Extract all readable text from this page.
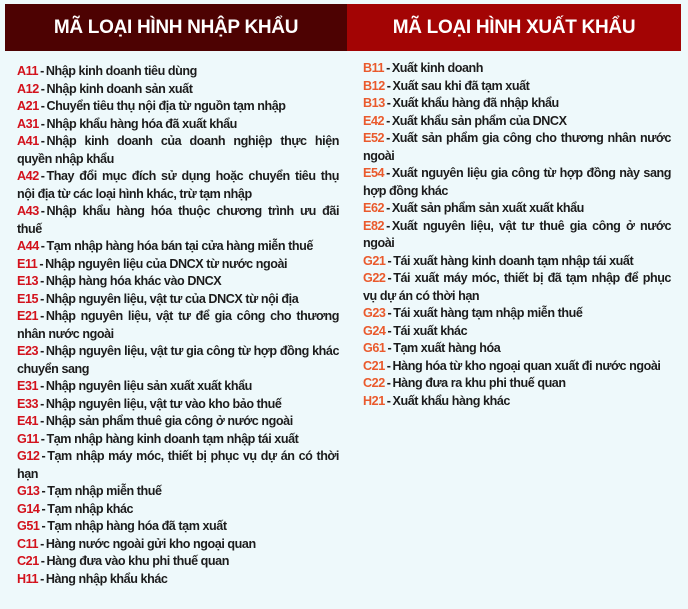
MÃ LOẠI HÌNH NHẬP KHẨU	MÃ LOẠI HÌNH XUẤT KHẨU

A11 - Nhập kinh doanh tiêu dùng

A12 - Nhập kinh doanh sản xuất

A21 - Chuyển tiêu thụ nội địa từ nguồn tạm nhập

A31 - Nhập khẩu hàng hóa đã xuất khẩu

A41 - Nhập kinh doanh của doanh nghiệp thực hiện quyền nhập khẩu

A42 - Thay đổi mục đích sử dụng hoặc chuyển tiêu thụ nội địa từ các loại hình khác, trừ tạm nhập

A43 - Nhập khẩu hàng hóa thuộc chương trình ưu đãi thuế

A44 - Tạm nhập hàng hóa bán tại cửa hàng miễn thuế

E11 - Nhập nguyên liệu của DNCX từ nước ngoài

E13 - Nhập hàng hóa khác vào DNCX

E15 - Nhập nguyên liệu, vật tư của DNCX từ nội địa

E21 - Nhập nguyên liệu, vật tư để gia công cho thương nhân nước ngoài

E23 - Nhập nguyên liệu, vật tư gia công từ hợp đồng khác chuyển sang

E31 - Nhập nguyên liệu sản xuất xuất khẩu

E33 - Nhập nguyên liệu, vật tư vào kho bảo thuế

E41 - Nhập sản phẩm thuê gia công ở nước ngoài

G11 - Tạm nhập hàng kinh doanh tạm nhập tái xuất

G12 - Tạm nhập máy móc, thiết bị phục vụ dự án có thời hạn

G13 - Tạm nhập miễn thuế

G14 - Tạm nhập khác

G51 - Tạm nhập hàng hóa đã tạm xuất

C11 - Hàng nước ngoài gửi kho ngoại quan

C21 - Hàng đưa vào khu phi thuế quan

H11 - Hàng nhập khẩu khác

B11 - Xuất kinh doanh

B12 - Xuất sau khi đã tạm xuất

B13 - Xuất khẩu hàng đã nhập khẩu

E42 - Xuất khẩu sản phẩm của DNCX

E52 - Xuất sản phẩm gia công cho thương nhân nước ngoài

E54 - Xuất nguyên liệu gia công từ hợp đồng này sang hợp đồng khác

E62 - Xuất sản phẩm sản xuất xuất khẩu

E82 - Xuất nguyên liệu, vật tư thuê gia công ở nước ngoài

G21 - Tái xuất hàng kinh doanh tạm nhập tái xuất

G22 - Tái xuất máy móc, thiết bị đã tạm nhập để phục vụ dự án có thời hạn

G23 - Tái xuất hàng tạm nhập miễn thuế

G24 - Tái xuất khác

G61 - Tạm xuất hàng hóa

C21 - Hàng hóa từ kho ngoại quan xuất đi nước ngoài

C22 - Hàng đưa ra khu phi thuế quan

H21 - Xuất khẩu hàng khác
